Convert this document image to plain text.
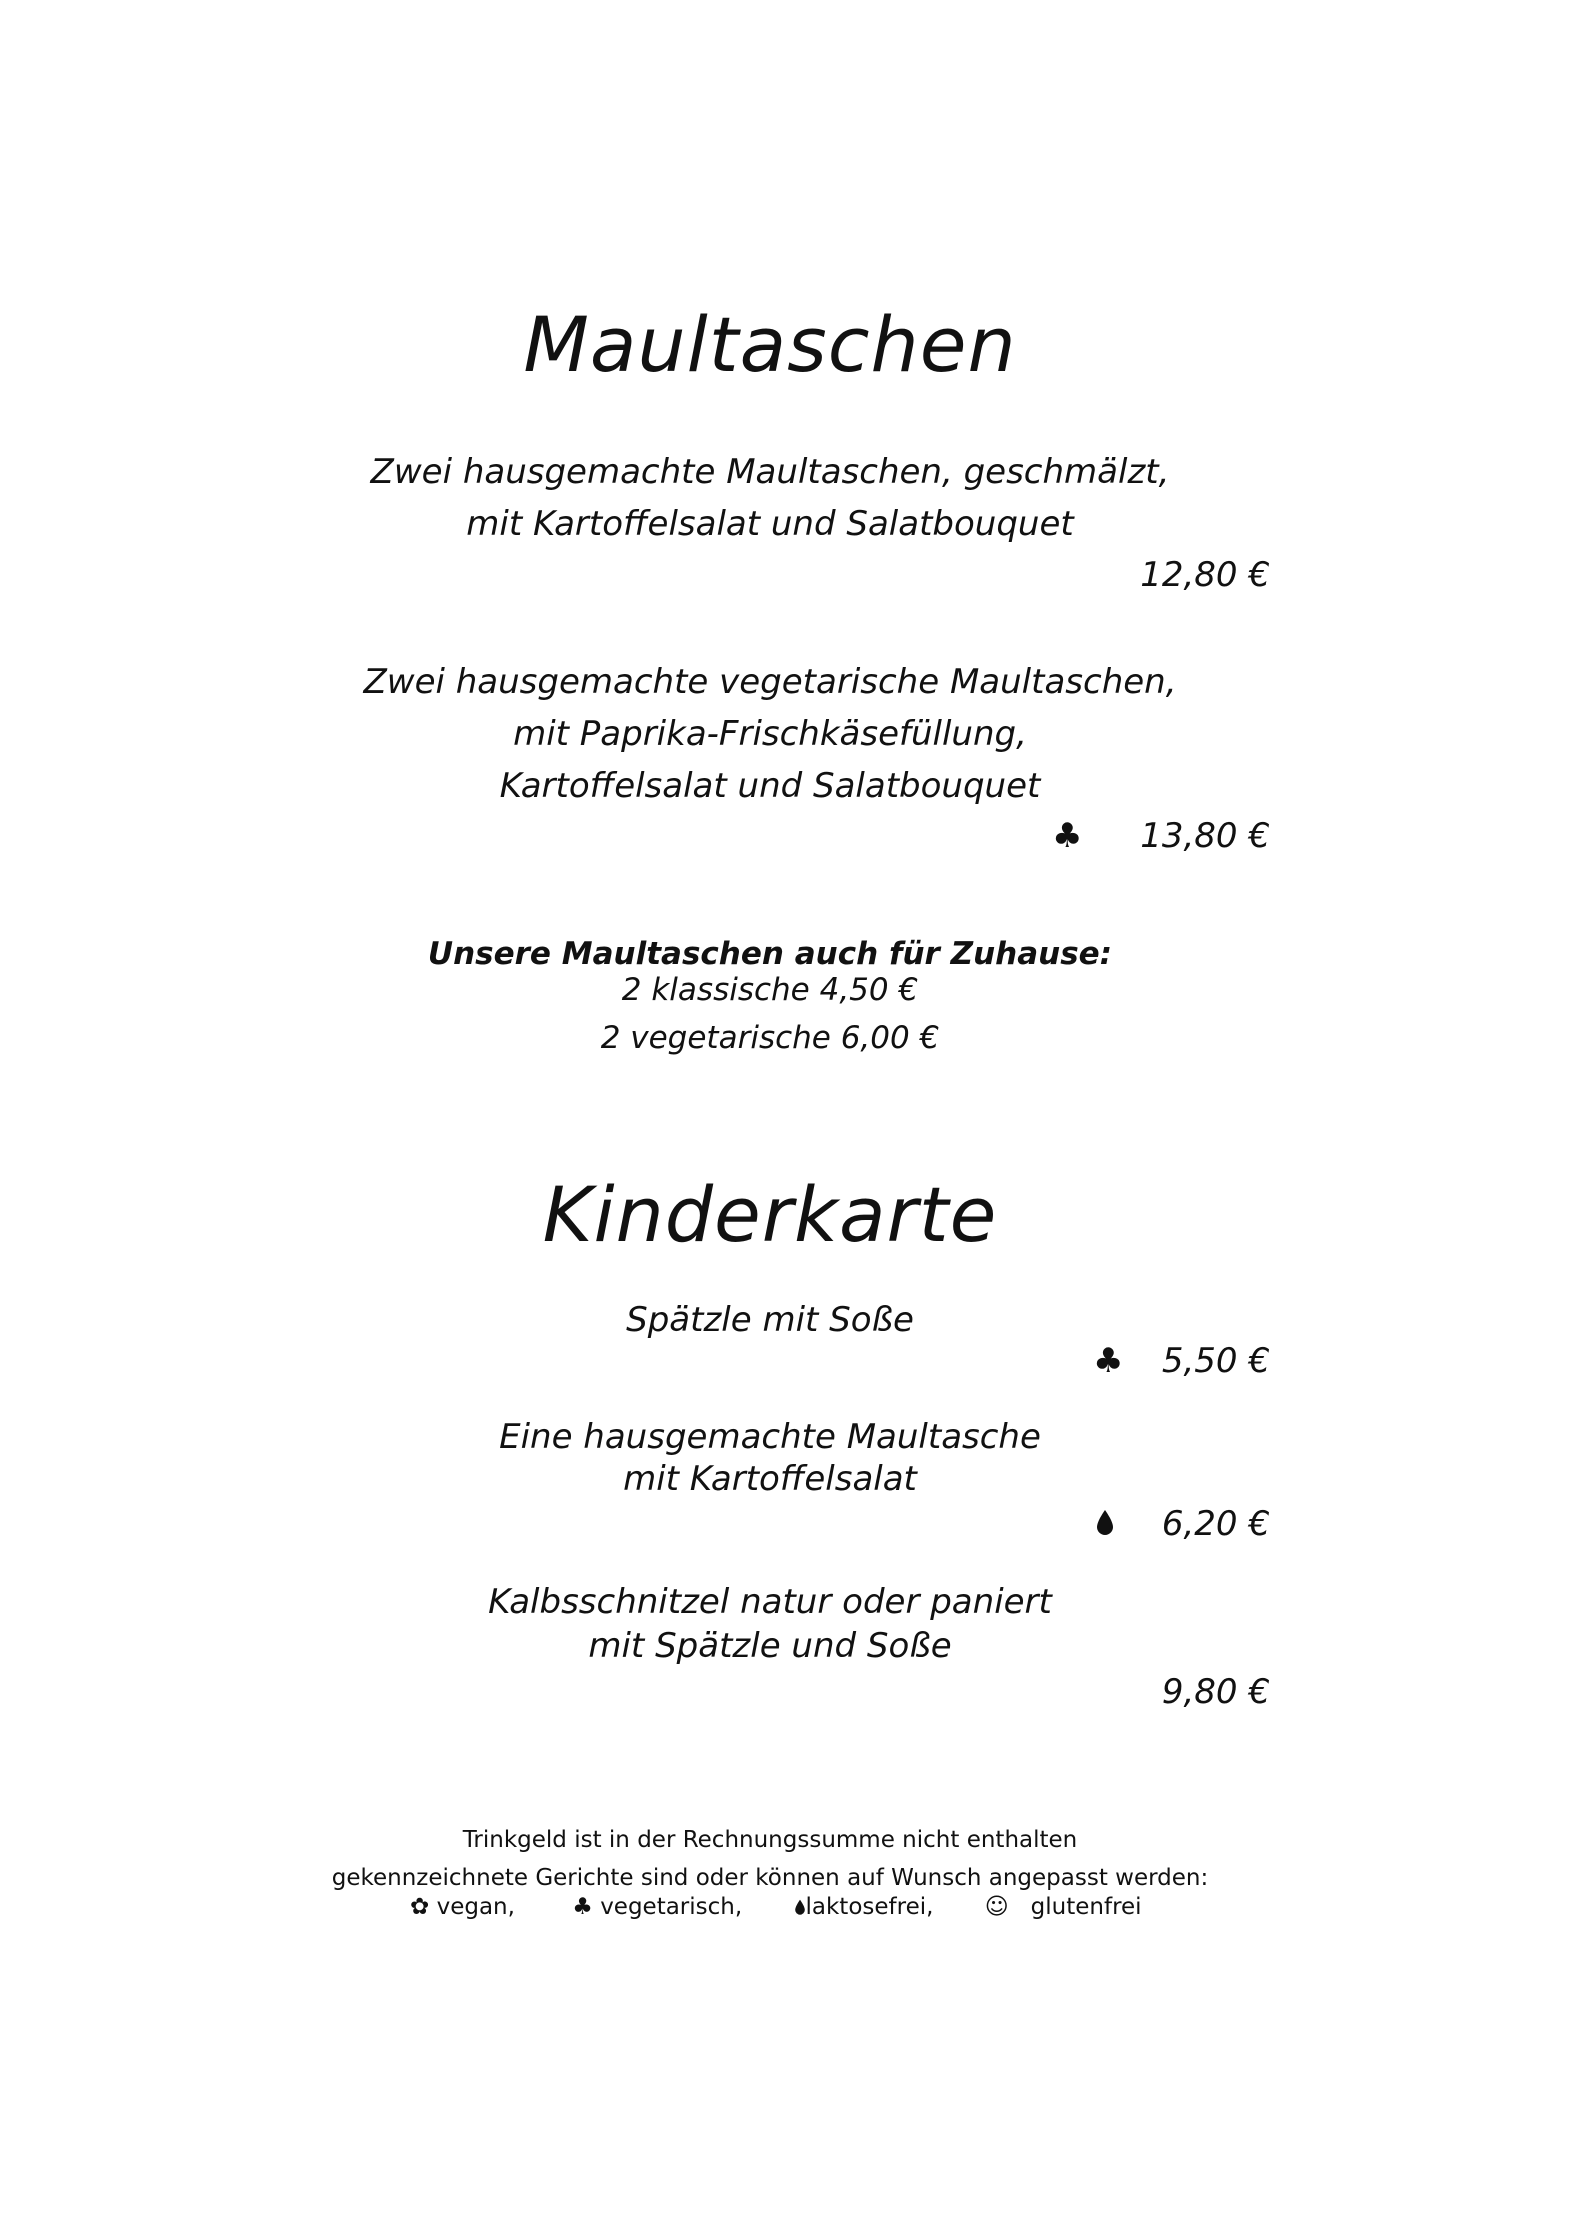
Maultaschen
Zwei hausgemachte Maultaschen, geschmälzt,
mit Kartoffelsalat und Salatbouquet
12,80 €
Zwei hausgemachte vegetarische Maultaschen,
mit Paprika-Frischkäsefüllung,
Kartoffelsalat und Salatbouquet
♣	13,80 €
Unsere Maultaschen auch für Zuhause:
2 klassische 4,50 €
2 vegetarische 6,00 €
Kinderkarte
Spätzle mit Soße
♣	5,50 €
Eine hausgemachte Maultasche
mit Kartoffelsalat
6,20 €
Kalbsschnitzel natur oder paniert
mit Spätzle und Soße
9,80 €
Trinkgeld ist in der Rechnungssumme nicht enthalten
gekennzeichnete Gerichte sind oder können auf Wunsch angepasst werden:
✿ vegan, ♣ vegetarisch,	laktosefrei, ☺ glutenfrei
